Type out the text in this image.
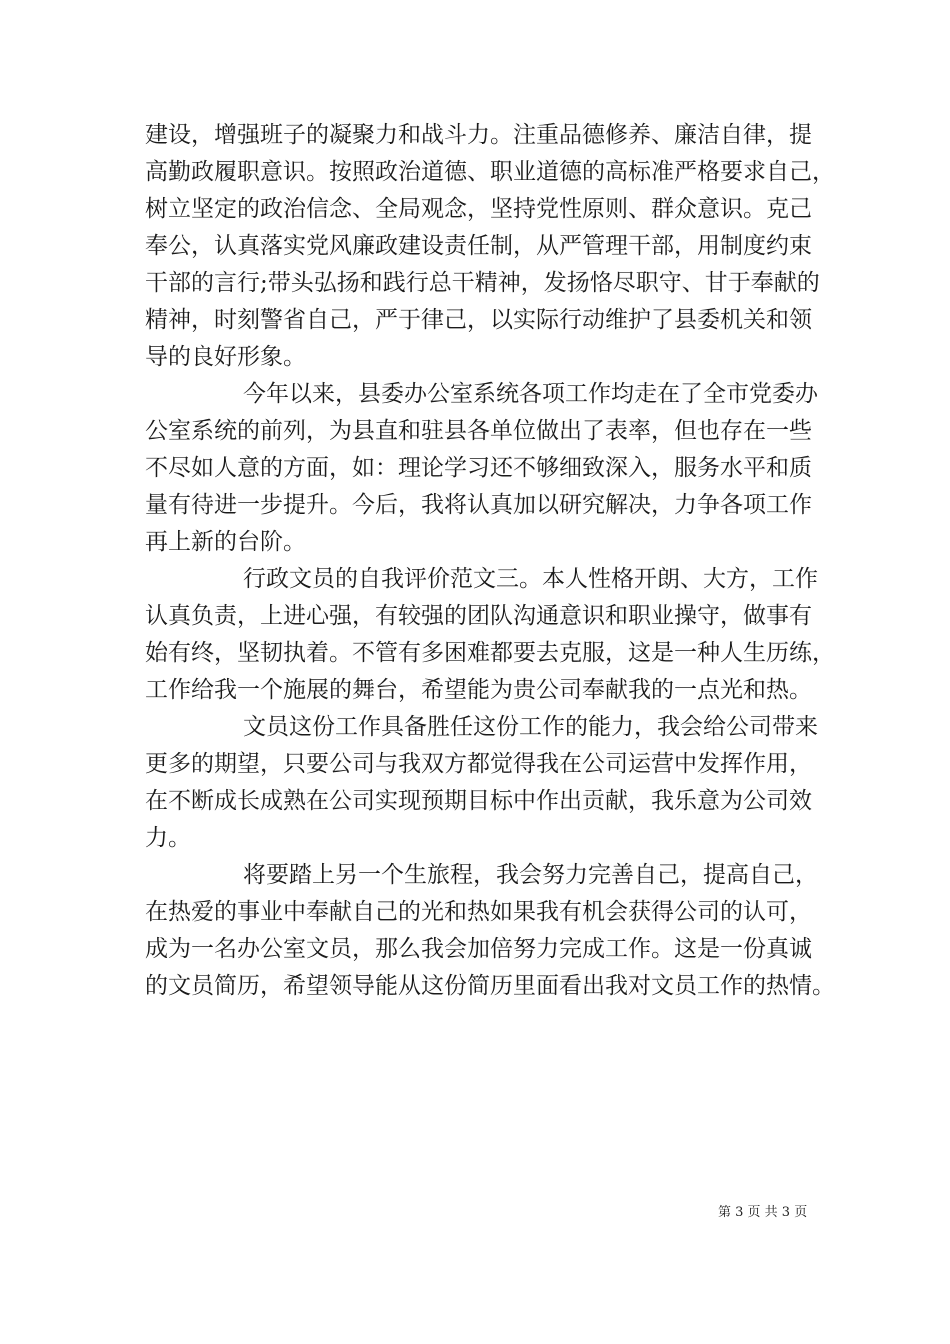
建设，增强班子的凝聚力和战斗力。注重品德修养、廉洁自律，提
高勤政履职意识。按照政治道德、职业道德的高标准严格要求自己，
树立坚定的政治信念、全局观念，坚持党性原则、群众意识。克己
奉公，认真落实党风廉政建设责任制，从严管理干部，用制度约束
干部的言行;带头弘扬和践行总干精神，发扬恪尽职守、甘于奉献的
精神，时刻警省自己，严于律己，以实际行动维护了县委机关和领
导的良好形象。
今年以来，县委办公室系统各项工作均走在了全市党委办
公室系统的前列，为县直和驻县各单位做出了表率，但也存在一些
不尽如人意的方面，如：理论学习还不够细致深入，服务水平和质
量有待进一步提升。今后，我将认真加以研究解决，力争各项工作
再上新的台阶。
行政文员的自我评价范文三。本人性格开朗、大方，工作
认真负责，上进心强，有较强的团队沟通意识和职业操守，做事有
始有终，坚韧执着。不管有多困难都要去克服，这是一种人生历练，
工作给我一个施展的舞台，希望能为贵公司奉献我的一点光和热。
文员这份工作具备胜任这份工作的能力，我会给公司带来
更多的期望，只要公司与我双方都觉得我在公司运营中发挥作用，
在不断成长成熟在公司实现预期目标中作出贡献，我乐意为公司效
力。
将要踏上另一个生旅程，我会努力完善自己，提高自己，
在热爱的事业中奉献自己的光和热如果我有机会获得公司的认可，
成为一名办公室文员，那么我会加倍努力完成工作。这是一份真诚
的文员简历，希望领导能从这份简历里面看出我对文员工作的热情。
第 3 页 共 3 页
